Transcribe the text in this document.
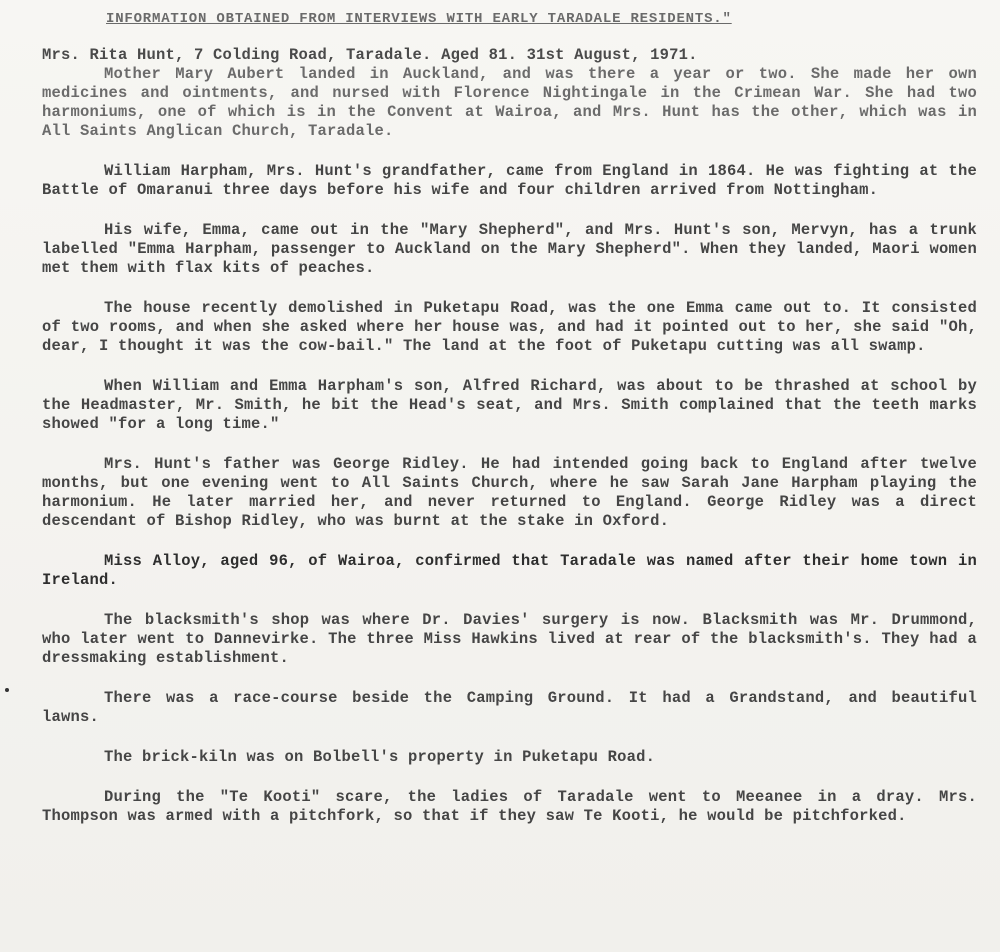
INFORMATION OBTAINED FROM INTERVIEWS WITH EARLY TARADALE RESIDENTS."
Mrs. Rita Hunt, 7 Colding Road, Taradale. Aged 81. 31st August, 1971.

Mother Mary Aubert landed in Auckland, and was there a year or two. She made her own medicines and ointments, and nursed with Florence Nightingale in the Crimean War. She had two harmoniums, one of which is in the Convent at Wairoa, and Mrs. Hunt has the other, which was in All Saints Anglican Church, Taradale.

William Harpham, Mrs. Hunt's grandfather, came from England in 1864. He was fighting at the Battle of Omaranui three days before his wife and four children arrived from Nottingham.

His wife, Emma, came out in the "Mary Shepherd", and Mrs. Hunt's son, Mervyn, has a trunk labelled "Emma Harpham, passenger to Auckland on the Mary Shepherd". When they landed, Maori women met them with flax kits of peaches.

The house recently demolished in Puketapu Road, was the one Emma came out to. It consisted of two rooms, and when she asked where her house was, and had it pointed out to her, she said "Oh, dear, I thought it was the cow-bail." The land at the foot of Puketapu cutting was all swamp.

When William and Emma Harpham's son, Alfred Richard, was about to be thrashed at school by the Headmaster, Mr. Smith, he bit the Head's seat, and Mrs. Smith complained that the teeth marks showed "for a long time."

Mrs. Hunt's father was George Ridley. He had intended going back to England after twelve months, but one evening went to All Saints Church, where he saw Sarah Jane Harpham playing the harmonium. He later married her, and never returned to England. George Ridley was a direct descendant of Bishop Ridley, who was burnt at the stake in Oxford.

Miss Alloy, aged 96, of Wairoa, confirmed that Taradale was named after their home town in Ireland.

The blacksmith's shop was where Dr. Davies' surgery is now. Blacksmith was Mr. Drummond, who later went to Dannevirke. The three Miss Hawkins lived at rear of the blacksmith's. They had a dressmaking establishment.

There was a race-course beside the Camping Ground. It had a Grandstand, and beautiful lawns.

The brick-kiln was on Bolbell's property in Puketapu Road.

During the "Te Kooti" scare, the ladies of Taradale went to Meeanee in a dray. Mrs. Thompson was armed with a pitchfork, so that if they saw Te Kooti, he would be pitchforked.
